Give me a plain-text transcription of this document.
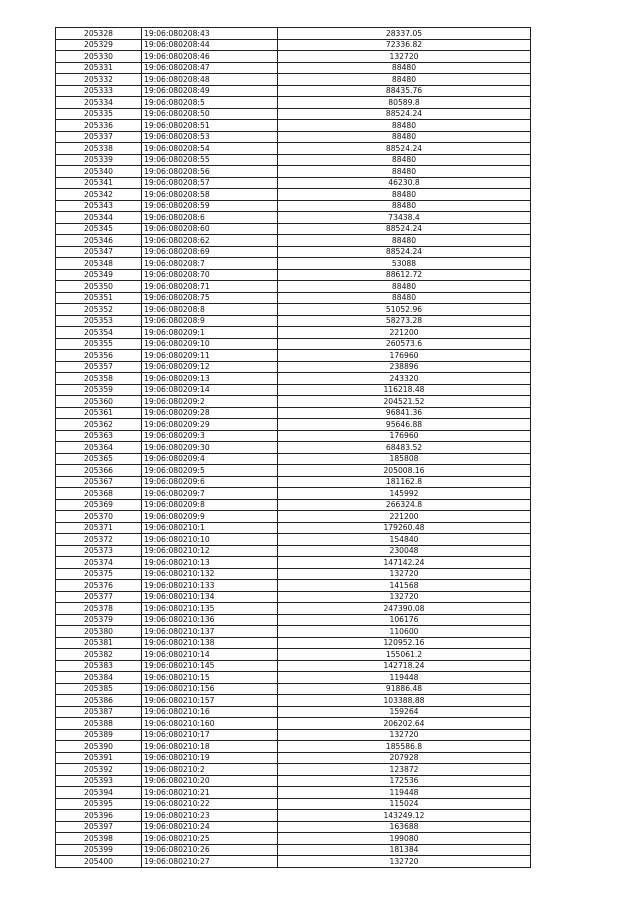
205328	19:06:080208:43	28337.05
205329	19:06:080208:44	72336.82
205330	19:06:080208:46	132720
205331	19:06:080208:47	88480
205332	19:06:080208:48	88480
205333	19:06:080208:49	88435.76
205334	19:06:080208:5	80589.8
205335	19:06:080208:50	88524.24
205336	19:06:080208:51	88480
205337	19:06:080208:53	88480
205338	19:06:080208:54	88524.24
205339	19:06:080208:55	88480
205340	19:06:080208:56	88480
205341	19:06:080208:57	46230.8
205342	19:06:080208:58	88480
205343	19:06:080208:59	88480
205344	19:06:080208:6	73438.4
205345	19:06:080208:60	88524.24
205346	19:06:080208:62	88480
205347	19:06:080208:69	88524.24
205348	19:06:080208:7	53088
205349	19:06:080208:70	88612.72
205350	19:06:080208:71	88480
205351	19:06:080208:75	88480
205352	19:06:080208:8	51052.96
205353	19:06:080208:9	58273.28
205354	19:06:080209:1	221200
205355	19:06:080209:10	260573.6
205356	19:06:080209:11	176960
205357	19:06:080209:12	238896
205358	19:06:080209:13	243320
205359	19:06:080209:14	116218.48
205360	19:06:080209:2	204521.52
205361	19:06:080209:28	96841.36
205362	19:06:080209:29	95646.88
205363	19:06:080209:3	176960
205364	19:06:080209:30	68483.52
205365	19:06:080209:4	185808
205366	19:06:080209:5	205008.16
205367	19:06:080209:6	181162.8
205368	19:06:080209:7	145992
205369	19:06:080209:8	266324.8
205370	19:06:080209:9	221200
205371	19:06:080210:1	179260.48
205372	19:06:080210:10	154840
205373	19:06:080210:12	230048
205374	19:06:080210:13	147142.24
205375	19:06:080210:132	132720
205376	19:06:080210:133	141568
205377	19:06:080210:134	132720
205378	19:06:080210:135	247390.08
205379	19:06:080210:136	106176
205380	19:06:080210:137	110600
205381	19:06:080210:138	120952.16
205382	19:06:080210:14	155061.2
205383	19:06:080210:145	142718.24
205384	19:06:080210:15	119448
205385	19:06:080210:156	91886.48
205386	19:06:080210:157	103388.88
205387	19:06:080210:16	159264
205388	19:06:080210:160	206202.64
205389	19:06:080210:17	132720
205390	19:06:080210:18	185586.8
205391	19:06:080210:19	207928
205392	19:06:080210:2	123872
205393	19:06:080210:20	172536
205394	19:06:080210:21	119448
205395	19:06:080210:22	115024
205396	19:06:080210:23	143249.12
205397	19:06:080210:24	163688
205398	19:06:080210:25	199080
205399	19:06:080210:26	181384
205400	19:06:080210:27	132720
